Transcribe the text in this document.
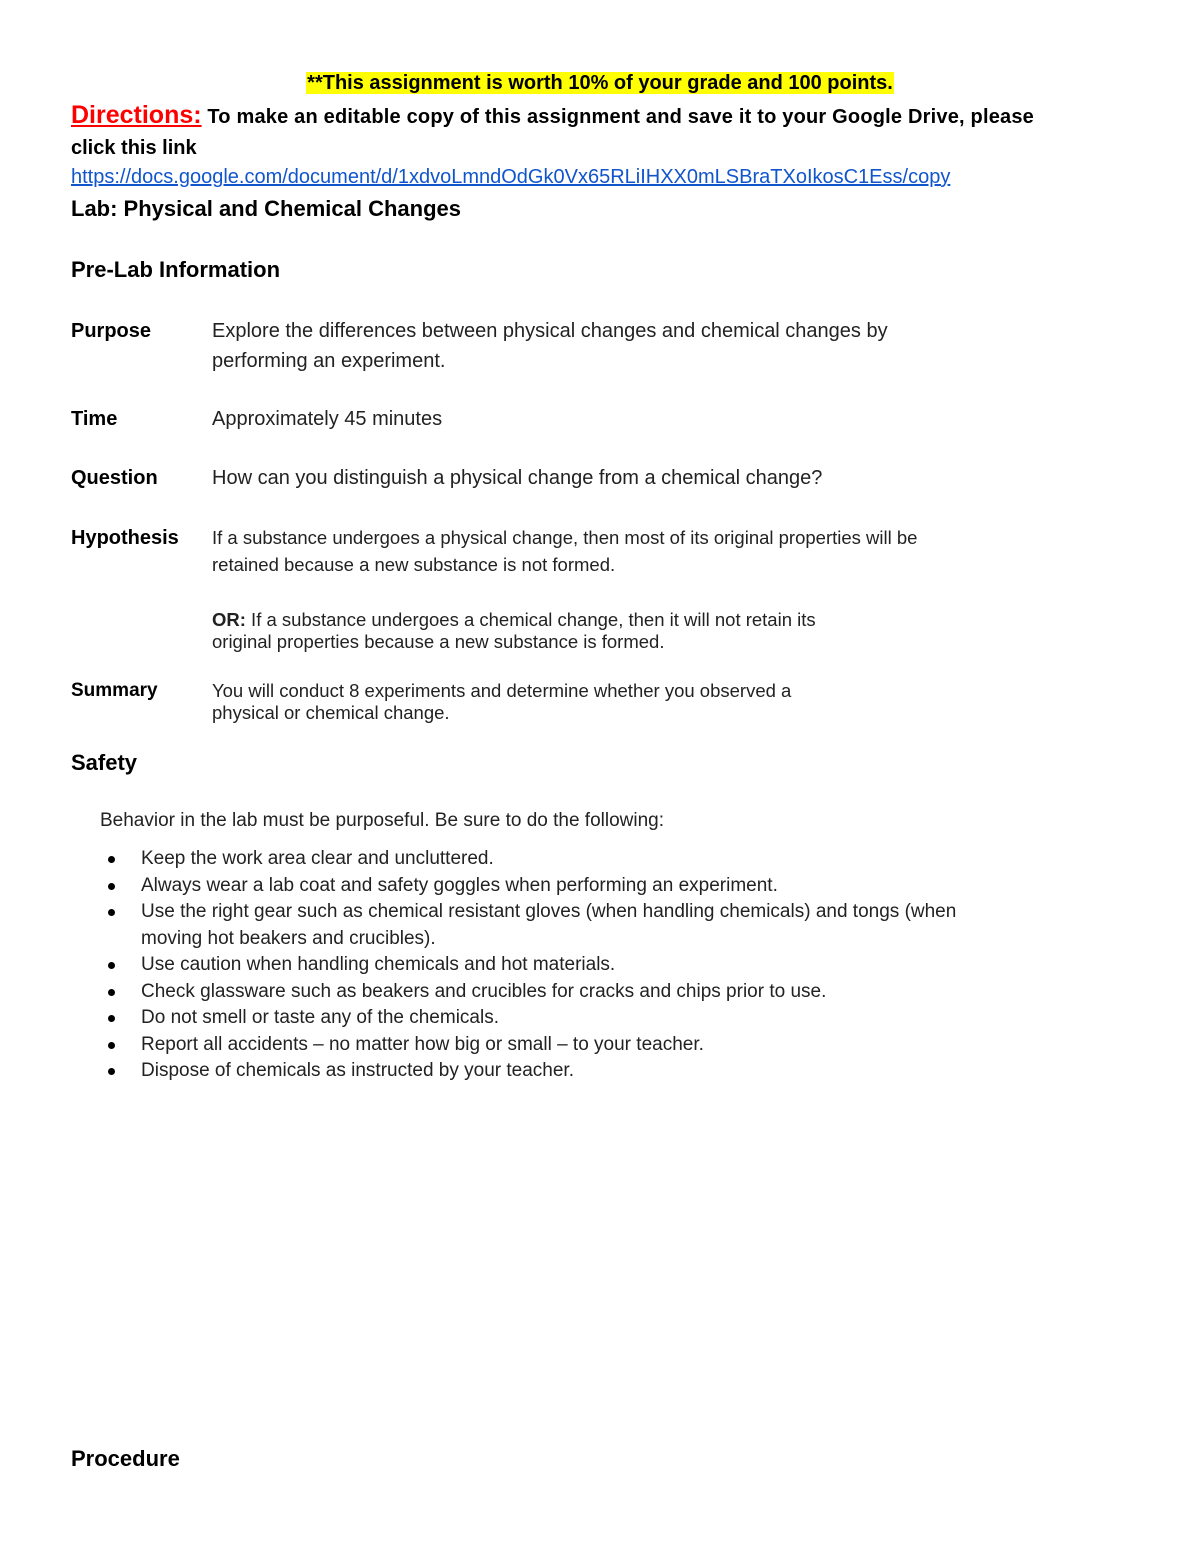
**This assignment is worth 10% of your grade and 100 points.
Directions: To make an editable copy of this assignment and save it to your Google Drive, please
click this link
https://docs.google.com/document/d/1xdvoLmndOdGk0Vx65RLiIHXX0mLSBraTXoIkosC1Ess/copy
Lab: Physical and Chemical Changes
Pre-Lab Information
Purpose	Explore the differences between physical changes and chemical changes by
performing an experiment.
Time	Approximately 45 minutes
Question	How can you distinguish a physical change from a chemical change?
Hypothesis If a substance undergoes a physical change, then most of its original properties will be
retained because a new substance is not formed.
OR: If a substance undergoes a chemical change, then it will not retain its
original properties because a new substance is formed.
Summary	You will conduct 8 experiments and determine whether you observed a
physical or chemical change.
Safety
Behavior in the lab must be purposeful. Be sure to do the following:
Keep the work area clear and uncluttered.
Always wear a lab coat and safety goggles when performing an experiment.
Use the right gear such as chemical resistant gloves (when handling chemicals) and tongs (when moving hot beakers and crucibles).
Use caution when handling chemicals and hot materials.
Check glassware such as beakers and crucibles for cracks and chips prior to use.
Do not smell or taste any of the chemicals.
Report all accidents – no matter how big or small – to your teacher.
Dispose of chemicals as instructed by your teacher.
Procedure
